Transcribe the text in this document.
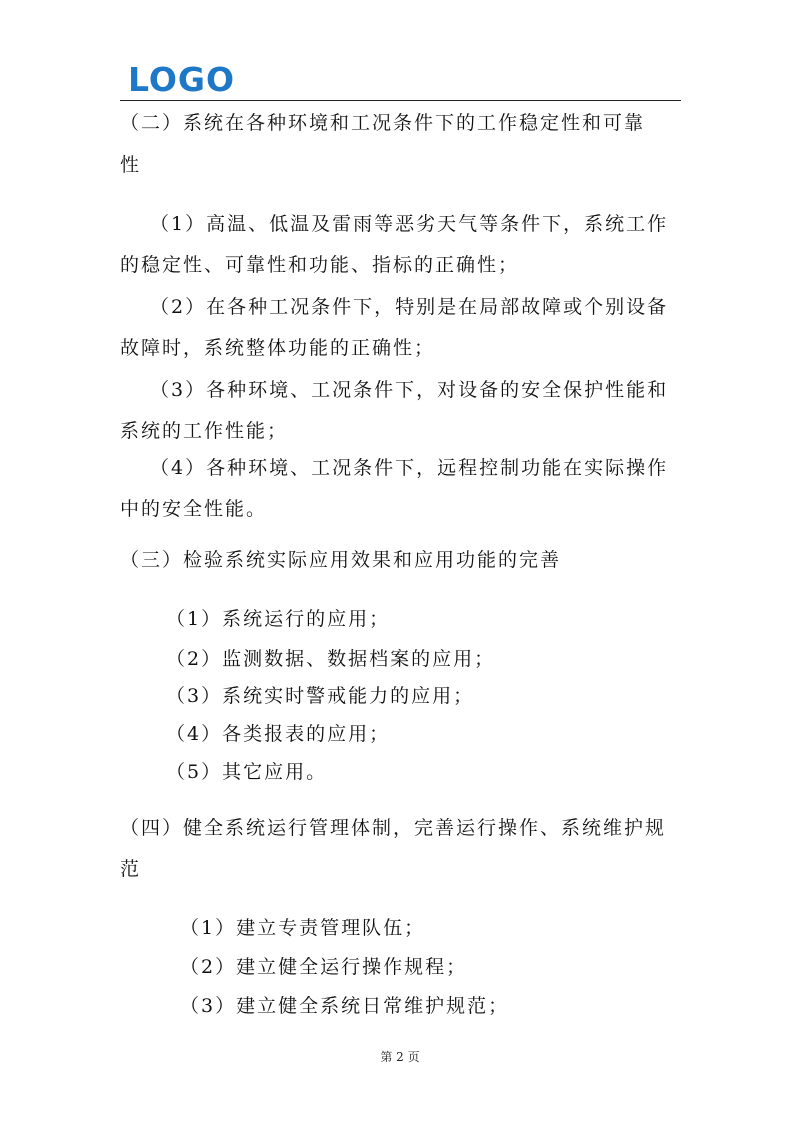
LOGO
（二）系统在各种环境和工况条件下的工作稳定性和可靠
性
（1）高温、低温及雷雨等恶劣天气等条件下，系统工作
的稳定性、可靠性和功能、指标的正确性；
（2）在各种工况条件下，特别是在局部故障或个别设备
故障时，系统整体功能的正确性；
（3）各种环境、工况条件下，对设备的安全保护性能和
系统的工作性能；
（4）各种环境、工况条件下，远程控制功能在实际操作
中的安全性能。
（三）检验系统实际应用效果和应用功能的完善
（1）系统运行的应用；
（2）监测数据、数据档案的应用；
（3）系统实时警戒能力的应用；
（4）各类报表的应用；
（5）其它应用。
（四）健全系统运行管理体制，完善运行操作、系统维护规
范
（1）建立专责管理队伍；
（2）建立健全运行操作规程；
（3）建立健全系统日常维护规范；
第 2 页
